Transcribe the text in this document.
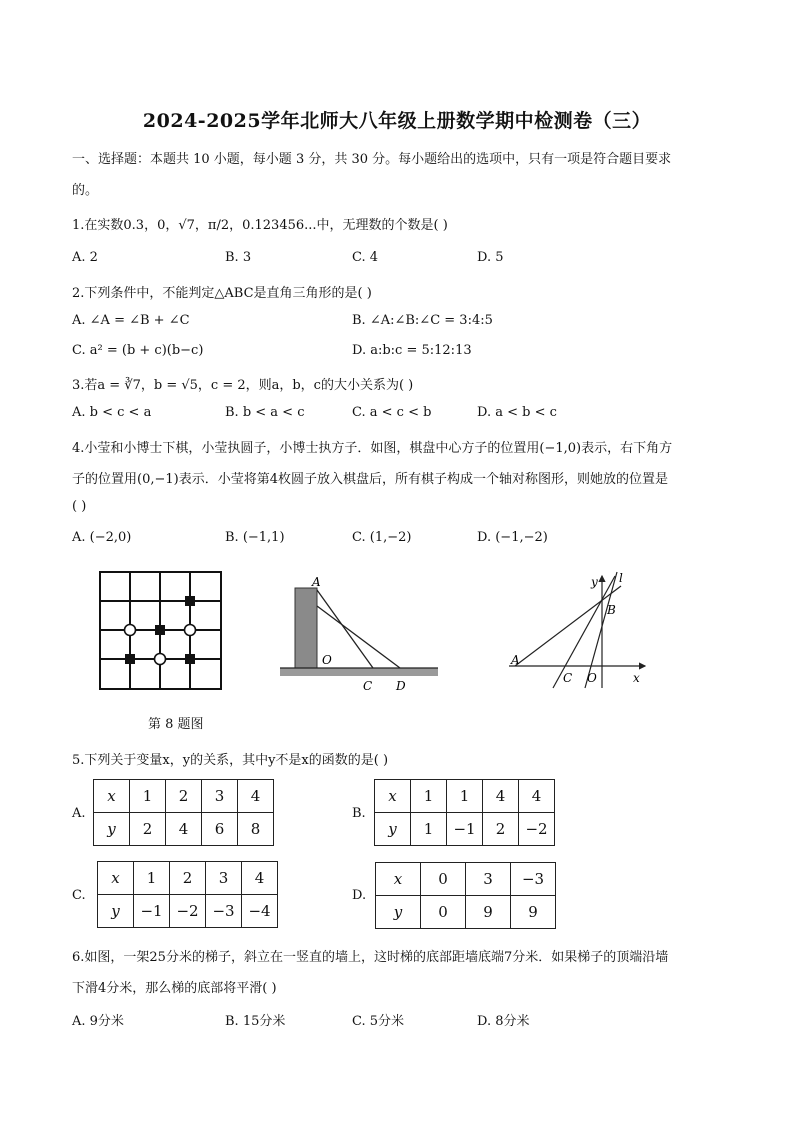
2024-2025学年北师大八年级上册数学期中检测卷（三）
一、选择题：本题共 10 小题，每小题 3 分，共 30 分。每小题给出的选项中，只有一项是符合题目要求
的。
1.在实数0.3，0，√7，π/2，0.123456...中，无理数的个数是( )
A. 2	B. 3	C. 4	D. 5
2.下列条件中，不能判定△ABC是直角三角形的是( )
A. ∠A = ∠B + ∠C	B. ∠A:∠B:∠C = 3:4:5
C. a² = (b + c)(b−c)	D. a:b:c = 5:12:13
3.若a = ∛7，b = √5，c = 2，则a，b，c的大小关系为( )
A. b < c < a	B. b < a < c	C. a < c < b	D. a < b < c
4.小莹和小博士下棋，小莹执圆子，小博士执方子．如图，棋盘中心方子的位置用(−1,0)表示，右下角方
子的位置用(0,−1)表示．小莹将第4枚圆子放入棋盘后，所有棋子构成一个轴对称图形，则她放的位置是
( )
A. (−2,0)	B. (−1,1)	C. (1,−2)	D. (−1,−2)
A
O
C D
y l
B
A
C O	x
第 8 题图
5.下列关于变量x，y的关系，其中y不是x的函数的是( )
A.
x	1	2	3	4
y	2	4	6	8
B.
x	1	1	4	4
y	1	−1	2	−2
C.
x	1	2	3	4
y	−1	−2	−3	−4
D.
x	0	3	−3
y	0	9	9
6.如图，一架25分米的梯子，斜立在一竖直的墙上，这时梯的底部距墙底端7分米．如果梯子的顶端沿墙
下滑4分米，那么梯的底部将平滑( )
A. 9分米	B. 15分米	C. 5分米	D. 8分米
